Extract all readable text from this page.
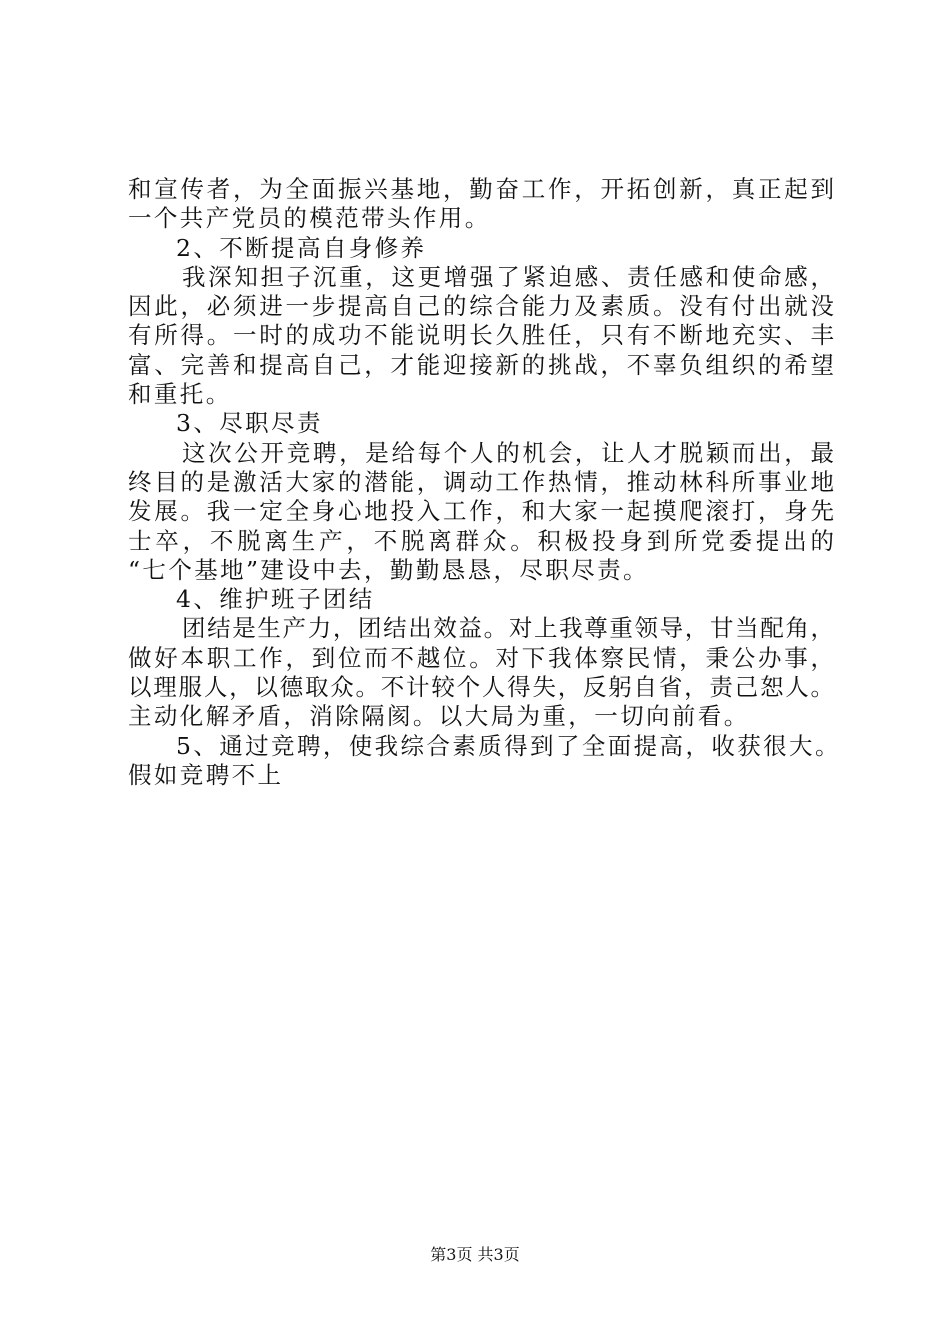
和宣传者，为全面振兴基地，勤奋工作，开拓创新，真正起到
一个共产党员的模范带头作用。
2、不断提高自身修养
我深知担子沉重，这更增强了紧迫感、责任感和使命感，
因此，必须进一步提高自己的综合能力及素质。没有付出就没
有所得。一时的成功不能说明长久胜任，只有不断地充实、丰
富、完善和提高自己，才能迎接新的挑战，不辜负组织的希望
和重托。
3、尽职尽责
这次公开竞聘，是给每个人的机会，让人才脱颖而出，最
终目的是激活大家的潜能，调动工作热情，推动林科所事业地
发展。我一定全身心地投入工作，和大家一起摸爬滚打，身先
士卒，不脱离生产，不脱离群众。积极投身到所党委提出的
“七个基地”建设中去，勤勤恳恳，尽职尽责。
4、维护班子团结
团结是生产力，团结出效益。对上我尊重领导，甘当配角，
做好本职工作，到位而不越位。对下我体察民情，秉公办事，
以理服人，以德取众。不计较个人得失，反躬自省，责己恕人。
主动化解矛盾，消除隔阂。以大局为重，一切向前看。
5、通过竞聘，使我综合素质得到了全面提高，收获很大。
假如竞聘不上
第3页 共3页
